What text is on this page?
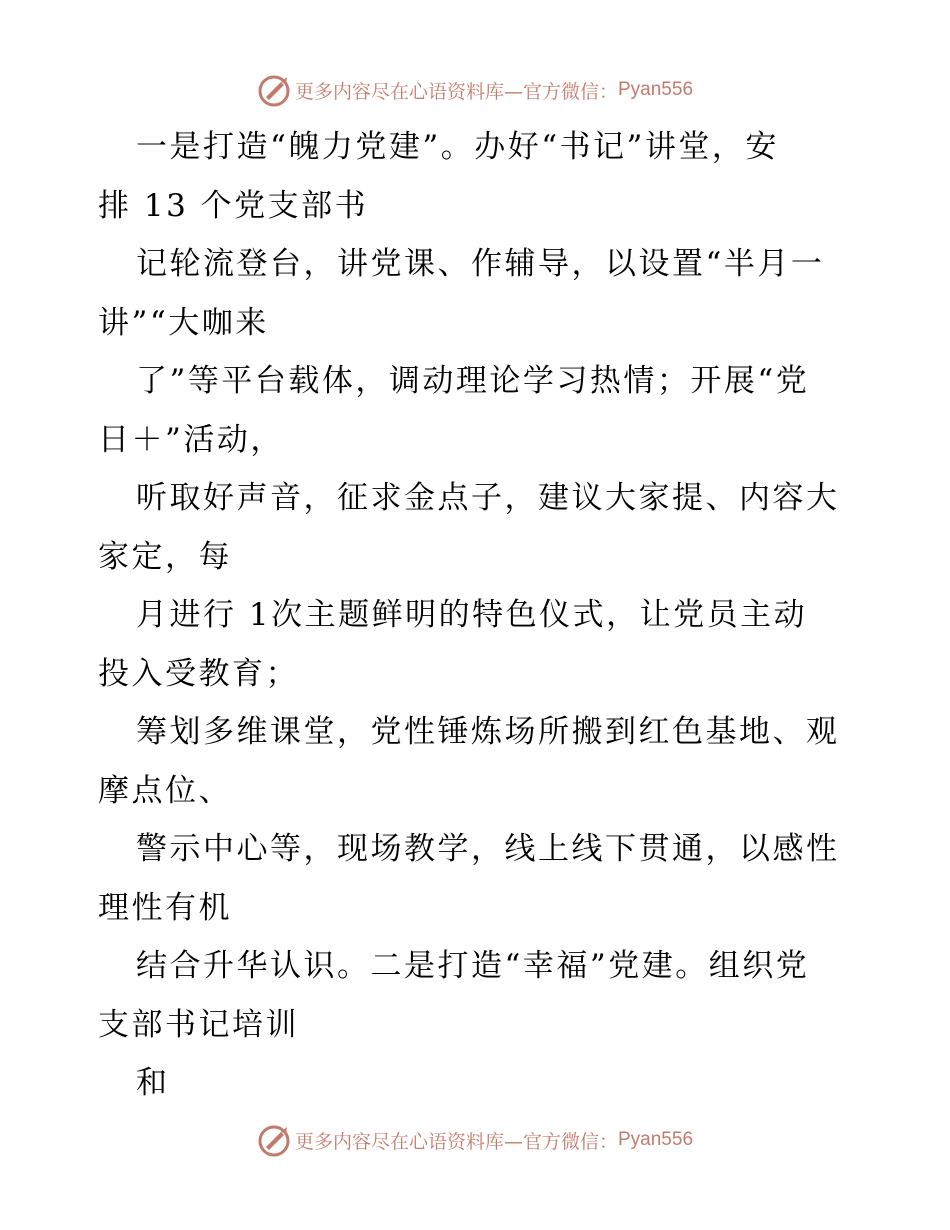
更多内容尽在心语资料库—官方微信： Pyan556
一是打造“魄力党建”。办好“书记”讲堂，安
排 13 个党支部书
记轮流登台，讲党课、作辅导，以设置“半月一
讲”“大咖来
了”等平台载体，调动理论学习热情；开展“党
日＋”活动，
听取好声音，征求金点子，建议大家提、内容大
家定，每
月进行 1次主题鲜明的特色仪式，让党员主动
投入受教育；
筹划多维课堂，党性锤炼场所搬到红色基地、观
摩点位、
警示中心等，现场教学，线上线下贯通，以感性
理性有机
结合升华认识。二是打造“幸福”党建。组织党
支部书记培训
和
更多内容尽在心语资料库—官方微信： Pyan556
